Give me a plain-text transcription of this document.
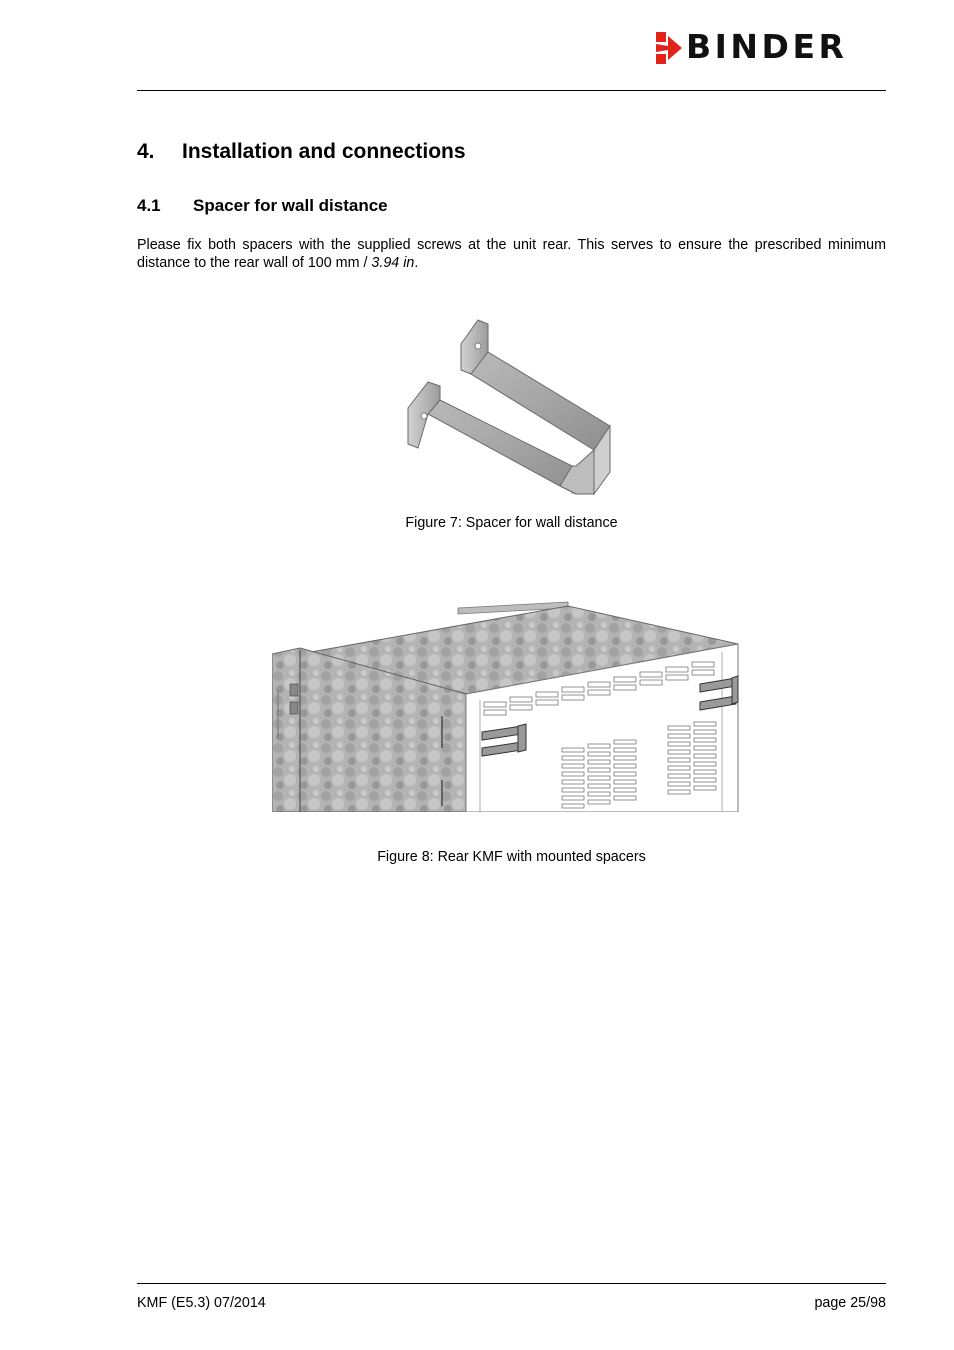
BINDER
4. Installation and connections
4.1 Spacer for wall distance

Please fix both spacers with the supplied screws at the unit rear. This serves to ensure the prescribed minimum distance to the rear wall of 100 mm / 3.94 in.

Figure 7: Spacer for wall distance

Figure 8: Rear KMF with mounted spacers

KMF (E5.3) 07/2014	page 25/98
